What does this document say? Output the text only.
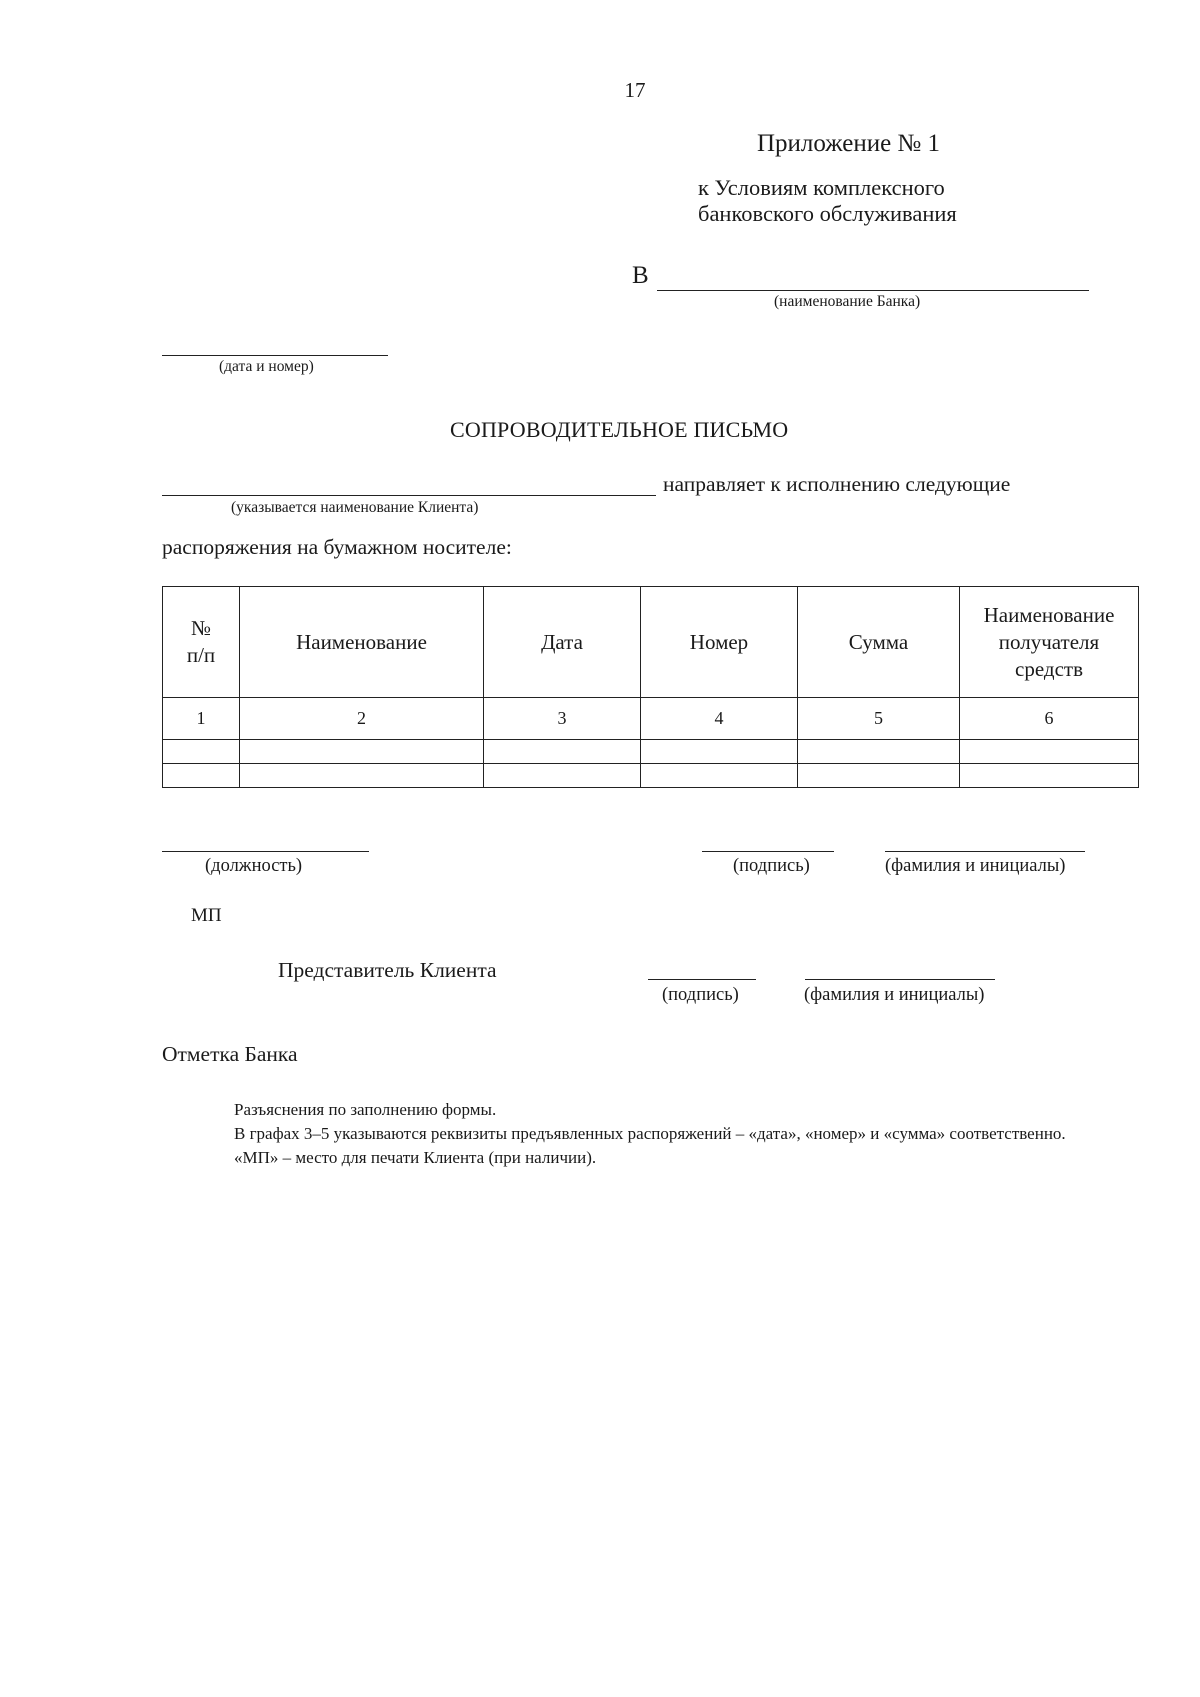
17
Приложение № 1
к Условиям комплексного
банковского обслуживания
В
(наименование Банка)
(дата и номер)
СОПРОВОДИТЕЛЬНОЕ ПИСЬМО
(указывается наименование Клиента)
направляет к исполнению следующие
распоряжения на бумажном носителе:
№
п/п	Наименование	Дата	Номер	Сумма	Наименование получателя средств
1	2	3	4	5	6

(должность)	(подпись)	(фамилия и инициалы)
МП
Представитель Клиента
(подпись)	(фамилия и инициалы)
Отметка Банка

Разъяснения по заполнению формы.

В графах 3–5 указываются реквизиты предъявленных распоряжений – «дата», «номер» и «сумма» соответственно.

«МП» – место для печати Клиента (при наличии).
